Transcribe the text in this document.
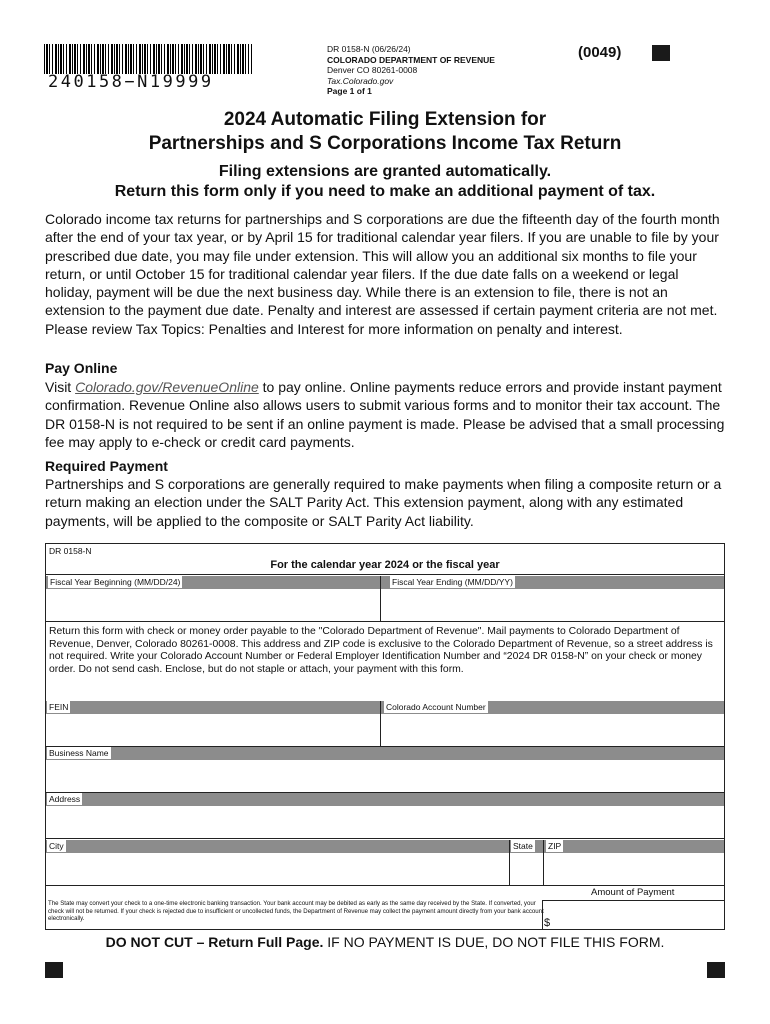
240158−N19999
DR 0158-N (06/26/24)
COLORADO DEPARTMENT OF REVENUE
Denver CO 80261-0008
Tax.Colorado.gov
Page 1 of 1
(0049)
2024 Automatic Filing Extension for
Partnerships and S Corporations Income Tax Return
Filing extensions are granted automatically.
Return this form only if you need to make an additional payment of tax.
Colorado income tax returns for partnerships and S corporations are due the fifteenth day of the fourth month after the end of your tax year, or by April 15 for traditional calendar year filers. If you are unable to file by your prescribed due date, you may file under extension. This will allow you an additional six months to file your return, or until October 15 for traditional calendar year filers. If the due date falls on a weekend or legal holiday, payment will be due the next business day. While there is an extension to file, there is not an extension to the payment due date. Penalty and interest are assessed if certain payment criteria are not met. Please review Tax Topics: Penalties and Interest for more information on penalty and interest.
Pay Online
Visit Colorado.gov/RevenueOnline to pay online. Online payments reduce errors and provide instant payment confirmation. Revenue Online also allows users to submit various forms and to monitor their tax account. The DR 0158-N is not required to be sent if an online payment is made. Please be advised that a small processing fee may apply to e-check or credit card payments.
Required Payment
Partnerships and S corporations are generally required to make payments when filing a composite return or a return making an election under the SALT Parity Act. This extension payment, along with any estimated payments, will be applied to the composite or SALT Parity Act liability.
DR 0158-N
For the calendar year 2024 or the fiscal year
Fiscal Year Beginning (MM/DD/24)	Fiscal Year Ending (MM/DD/YY)
Return this form with check or money order payable to the "Colorado Department of Revenue". Mail payments to Colorado Department of Revenue, Denver, Colorado 80261-0008. This address and ZIP code is exclusive to the Colorado Department of Revenue, so a street address is not required. Write your Colorado Account Number or Federal Employer Identification Number and “2024 DR 0158-N” on your check or money order. Do not send cash. Enclose, but do not staple or attach, your payment with this form.
FEIN	Colorado Account Number
Business Name
Address
City	State ZIP
Amount of Payment
$
The State may convert your check to a one-time electronic banking transaction. Your bank account may be debited as early as the same day received by the State. If converted, your check will not be returned. If your check is rejected due to insufficient or uncollected funds, the Department of Revenue may collect the payment amount directly from your bank account electronically.
DO NOT CUT – Return Full Page. IF NO PAYMENT IS DUE, DO NOT FILE THIS FORM.
